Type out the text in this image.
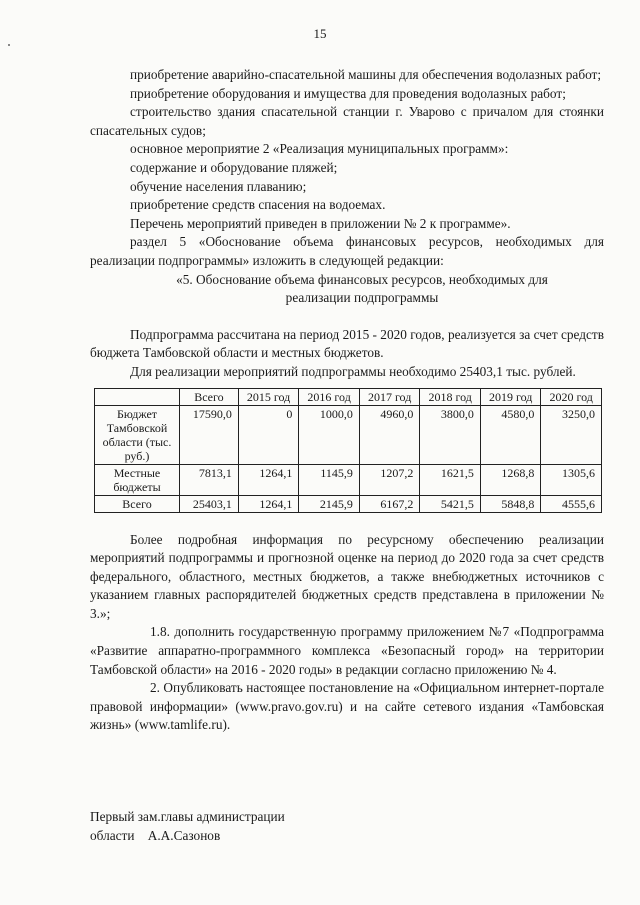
15

приобретение аварийно-спасательной машины для обеспечения водолазных работ;

приобретение оборудования и имущества для проведения водолазных работ;

строительство здания спасательной станции г. Уварово с причалом для стоянки спасательных судов;

основное мероприятие 2 «Реализация муниципальных программ»:

содержание и оборудование пляжей;

обучение населения плаванию;

приобретение средств спасения на водоемах.

Перечень мероприятий приведен в приложении № 2 к программе».

раздел 5 «Обоснование объема финансовых ресурсов, необходимых для реализации подпрограммы» изложить в следующей редакции:

«5. Обоснование объема финансовых ресурсов, необходимых для

реализации подпрограммы

Подпрограмма рассчитана на период 2015 - 2020 годов, реализуется за счет средств бюджета Тамбовской области и местных бюджетов.

Для реализации мероприятий подпрограммы необходимо 25403,1 тыс. рублей.

	Всего	2015 год	2016 год	2017 год	2018 год	2019 год	2020 год
Бюджет Тамбовской области (тыс. руб.)	17590,0	0	1000,0	4960,0	3800,0	4580,0	3250,0
Местные бюджеты	7813,1	1264,1	1145,9	1207,2	1621,5	1268,8	1305,6
Всего	25403,1	1264,1	2145,9	6167,2	5421,5	5848,8	4555,6

Более подробная информация по ресурсному обеспечению реализации мероприятий подпрограммы и прогнозной оценке на период до 2020 года за счет средств федерального, областного, местных бюджетов, а также внебюджетных источников с указанием главных распорядителей бюджетных средств представлена в приложении № 3.»;

1.8. дополнить государственную программу приложением №7 «Подпрограмма «Развитие аппаратно-программного комплекса «Безопасный город» на территории Тамбовской области» на 2016 - 2020 годы» в редакции согласно приложению № 4.

2. Опубликовать настоящее постановление на «Официальном интернет-портале правовой информации» (www.pravo.gov.ru) и на сайте сетевого издания «Тамбовская жизнь» (www.tamlife.ru).

Первый зам.главы администрации

области    А.А.Сазонов
